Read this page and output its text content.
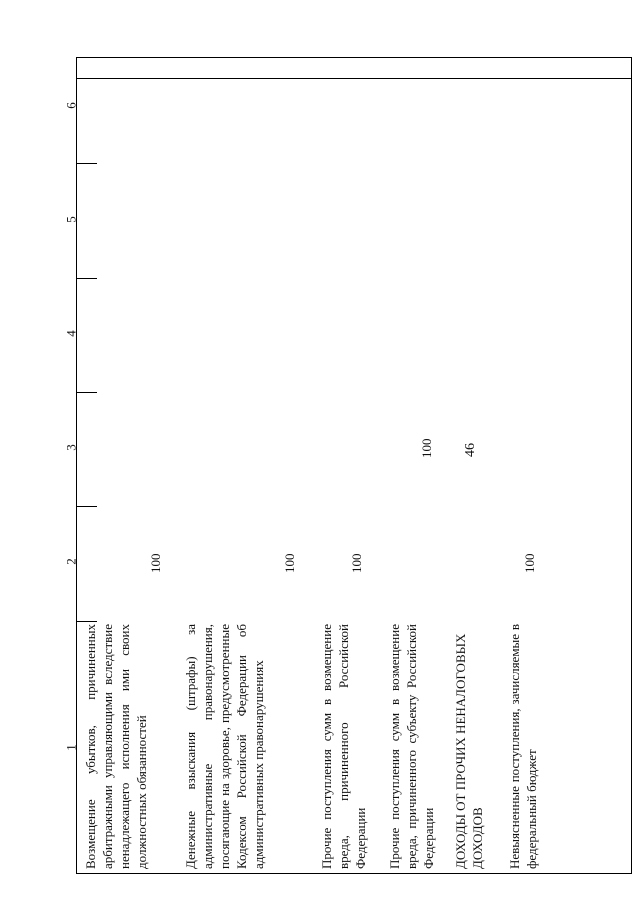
46
1
2
3
4
5
6
Возмещение убытков, причиненных арбитражными управляющими вследствие ненадлежащего исполнения ими своих должностных обязанностей
100
Денежные взыскания (штрафы) за административные правонарушения, посягающие на здоровье, предусмотренные Кодексом Российской Федерации об административных правонарушениях
100
Прочие поступления сумм в возмещение вреда, причиненного Российской Федерации
100
Прочие поступления сумм в возмещение вреда, причиненного субъекту Российской Федерации
100
ДОХОДЫ ОТ ПРОЧИХ НЕНАЛОГОВЫХ ДОХОДОВ Невыясненные поступления, зачисляемые в федеральный бюджет
100
